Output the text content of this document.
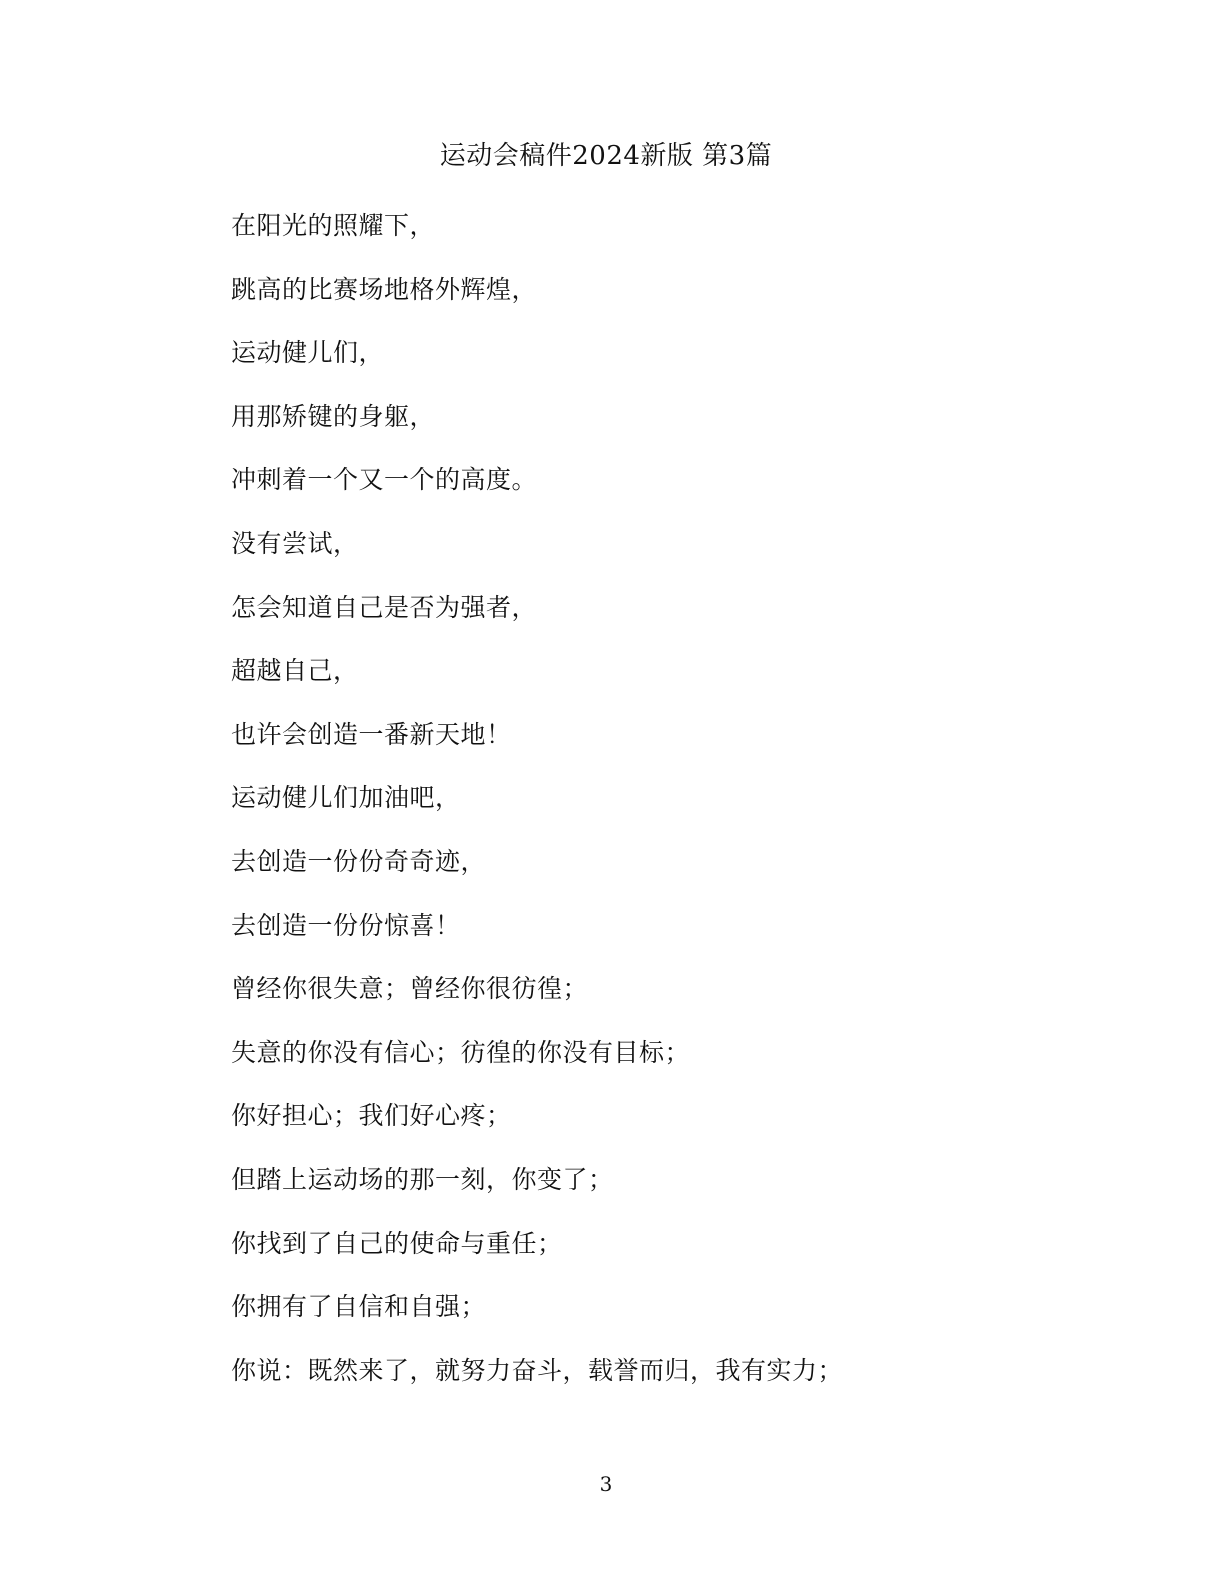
运动会稿件2024新版 第3篇
在阳光的照耀下，
跳高的比赛场地格外辉煌，
运动健儿们，
用那矫键的身躯，
冲刺着一个又一个的高度。
没有尝试，
怎会知道自己是否为强者，
超越自己，
也许会创造一番新天地！
运动健儿们加油吧，
去创造一份份奇奇迹，
去创造一份份惊喜！
曾经你很失意；曾经你很彷徨；
失意的你没有信心；彷徨的你没有目标；
你好担心；我们好心疼；
但踏上运动场的那一刻，你变了；
你找到了自己的使命与重任；
你拥有了自信和自强；
你说：既然来了，就努力奋斗，载誉而归，我有实力；
3
